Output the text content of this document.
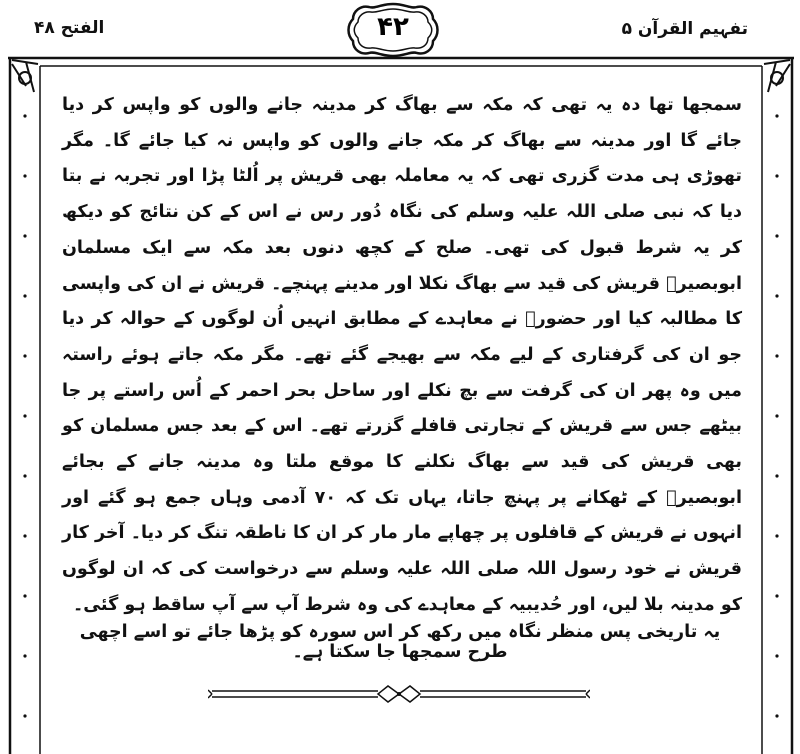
تفہیم القرآن ۵
الفتح ۴۸	۴۲

سمجھا تھا دہ یہ تھی کہ مکہ سے بھاگ کر مدینہ جانے والوں کو واپس کر دیا جائے گا اور مدینہ سے بھاگ کر مکہ جانے والوں کو واپس نہ کیا جائے گا۔ مگر تھوڑی ہی مدت گزری تھی کہ یہ معاملہ بھی قریش پر اُلٹا پڑا اور تجربہ نے بتا دیا کہ نبی صلی اللہ علیہ وسلم کی نگاہ دُور رس نے اس کے کن نتائج کو دیکھ کر یہ شرط قبول کی تھی۔ صلح کے کچھ دنوں بعد مکہ سے ایک مسلمان ابوبصیرؓ قریش کی قید سے بھاگ نکلا اور مدینے پہنچے۔ قریش نے ان کی واپسی کا مطالبہ کیا اور حضورؐ نے معاہدے کے مطابق انہیں اُن لوگوں کے حوالہ کر دیا جو ان کی گرفتاری کے لیے مکہ سے بھیجے گئے تھے۔ مگر مکہ جاتے ہوئے راستہ میں وہ پھر ان کی گرفت سے بچ نکلے اور ساحل بحر احمر کے اُس راستے پر جا بیٹھے جس سے قریش کے تجارتی قافلے گزرتے تھے۔ اس کے بعد جس مسلمان کو بھی قریش کی قید سے بھاگ نکلنے کا موقع ملتا وہ مدینہ جانے کے بجائے ابوبصیرؓ کے ٹھکانے پر پہنچ جاتا، یہاں تک کہ ۷۰ آدمی وہاں جمع ہو گئے اور انہوں نے قریش کے قافلوں پر چھاپے مار مار کر ان کا ناطقہ تنگ کر دیا۔ آخر کار قریش نے خود رسول اللہ صلی اللہ علیہ وسلم سے درخواست کی کہ ان لوگوں کو مدینہ بلا لیں، اور حُدیبیہ کے معاہدے کی وہ شرط آپ سے آپ ساقط ہو گئی۔

یہ تاریخی پس منظر نگاہ میں رکھ کر اس سورہ کو پڑھا جائے تو اسے اچھی طرح سمجھا جا سکتا ہے۔
